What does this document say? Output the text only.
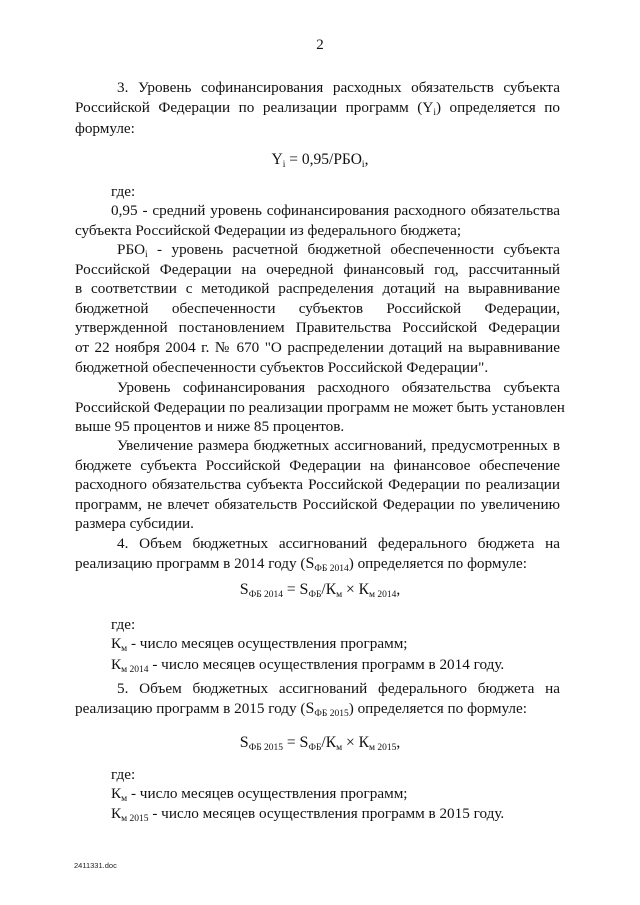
2
3. Уровень софинансирования расходных обязательств субъекта
Российской Федерации по реализации программ $(Y_i)$ определяется по
формуле:
$Y_i = 0,95/РБО_i$,
где:
0,95 - средний уровень софинансирования расходного обязательства
субъекта Российской Федерации из федерального бюджета;
$РБО_i$ - уровень расчетной бюджетной обеспеченности субъекта
Российской Федерации на очередной финансовый год, рассчитанный
в соответствии с методикой распределения дотаций на выравнивание
бюджетной обеспеченности субъектов Российской Федерации,
утвержденной постановлением Правительства Российской Федерации
от 22 ноября 2004 г. № 670 "О распределении дотаций на выравнивание
бюджетной обеспеченности субъектов Российской Федерации".
Уровень софинансирования расходного обязательства субъекта
Российской Федерации по реализации программ не может быть установлен
выше 95 процентов и ниже 85 процентов.
Увеличение размера бюджетных ассигнований, предусмотренных в
бюджете субъекта Российской Федерации на финансовое обеспечение
расходного обязательства субъекта Российской Федерации по реализации
программ, не влечет обязательств Российской Федерации по увеличению
размера субсидии.
4. Объем бюджетных ассигнований федерального бюджета на
реализацию программ в 2014 году $(S_{ФБ 2014})$ определяется по формуле:
$S_{ФБ 2014} = S_{ФБ}/К_м \times К_{м 2014}$,
где:
$К_м$ - число месяцев осуществления программ;
$К_{м 2014}$ - число месяцев осуществления программ в 2014 году.
5. Объем бюджетных ассигнований федерального бюджета на
реализацию программ в 2015 году $(S_{ФБ 2015})$ определяется по формуле:
$S_{ФБ 2015} = S_{ФБ}/К_м \times К_{м 2015}$,
где:
$К_м$ - число месяцев осуществления программ;
$К_{м 2015}$ - число месяцев осуществления программ в 2015 году.
2411331.doc
